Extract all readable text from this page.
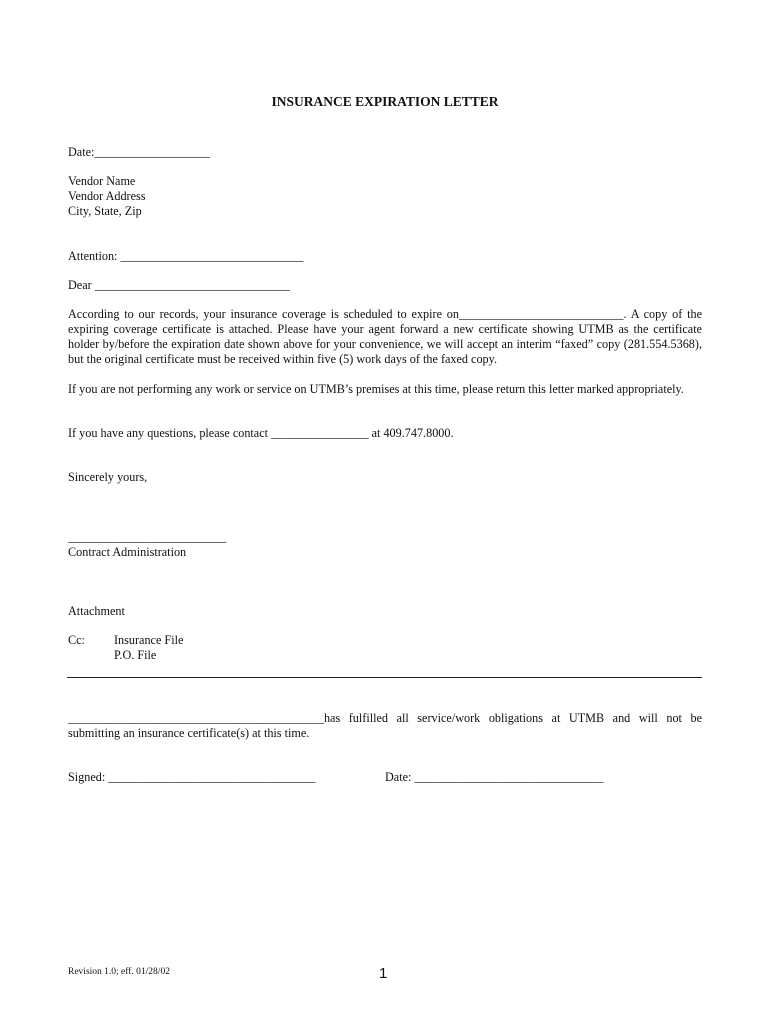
INSURANCE EXPIRATION LETTER
Date:___________________
Vendor Name
Vendor Address
City, State, Zip
Attention: ______________________________
Dear ________________________________
According to our records, your insurance coverage is scheduled to expire on___________________________. A copy of the expiring coverage certificate is attached. Please have your agent forward a new certificate showing UTMB as the certificate holder by/before the expiration date shown above for your convenience, we will accept an interim “faxed” copy (281.554.5368), but the original certificate must be received within five (5) work days of the faxed copy.
If you are not performing any work or service on UTMB’s premises at this time, please return this letter marked appropriately.
If you have any questions, please contact ________________ at 409.747.8000.
Sincerely yours,
__________________________
Contract Administration
Attachment
Cc: Insurance File
P.O. File
__________________________________________has fulfilled all service/work obligations at UTMB and will not be submitting an insurance certificate(s) at this time.
Signed: __________________________________	Date: _______________________________
Revision 1.0; eff. 01/28/02	1
